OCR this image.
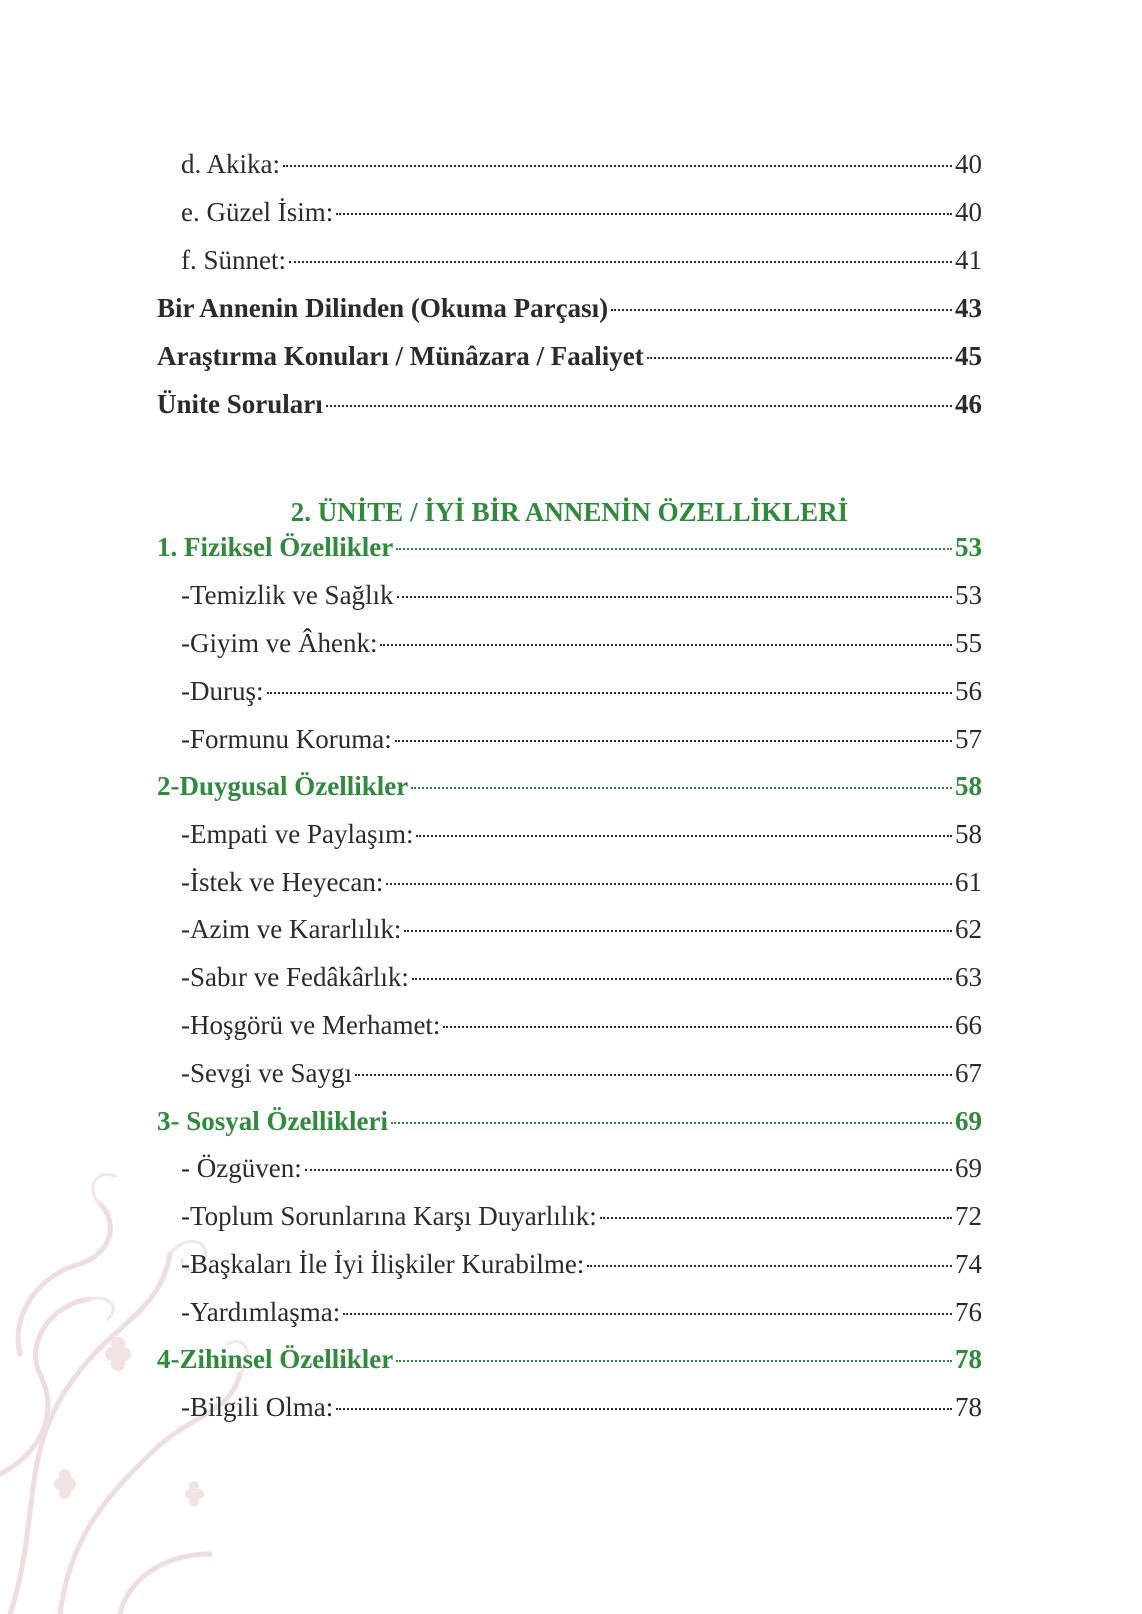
d. Akika:	40
e. Güzel İsim:	40
f. Sünnet:	41
Bir Annenin Dilinden (Okuma Parçası)	43
Araştırma Konuları / Münâzara / Faaliyet	45
Ünite Soruları	46
2. ÜNİTE / İYİ BİR ANNENİN ÖZELLİKLERİ
1. Fiziksel Özellikler	53
-Temizlik ve Sağlık	53
-Giyim ve Âhenk:	55
-Duruş:	56
-Formunu Koruma:	57
2-Duygusal Özellikler	58
-Empati ve Paylaşım:	58
-İstek ve Heyecan:	61
-Azim ve Kararlılık:	62
-Sabır ve Fedâkârlık:	63
-Hoşgörü ve Merhamet:	66
-Sevgi ve Saygı	67
3- Sosyal Özellikleri	69
- Özgüven:	69
-Toplum Sorunlarına Karşı Duyarlılık:	72
-Başkaları İle İyi İlişkiler Kurabilme:	74
-Yardımlaşma:	76
4-Zihinsel Özellikler	78
-Bilgili Olma:	78
